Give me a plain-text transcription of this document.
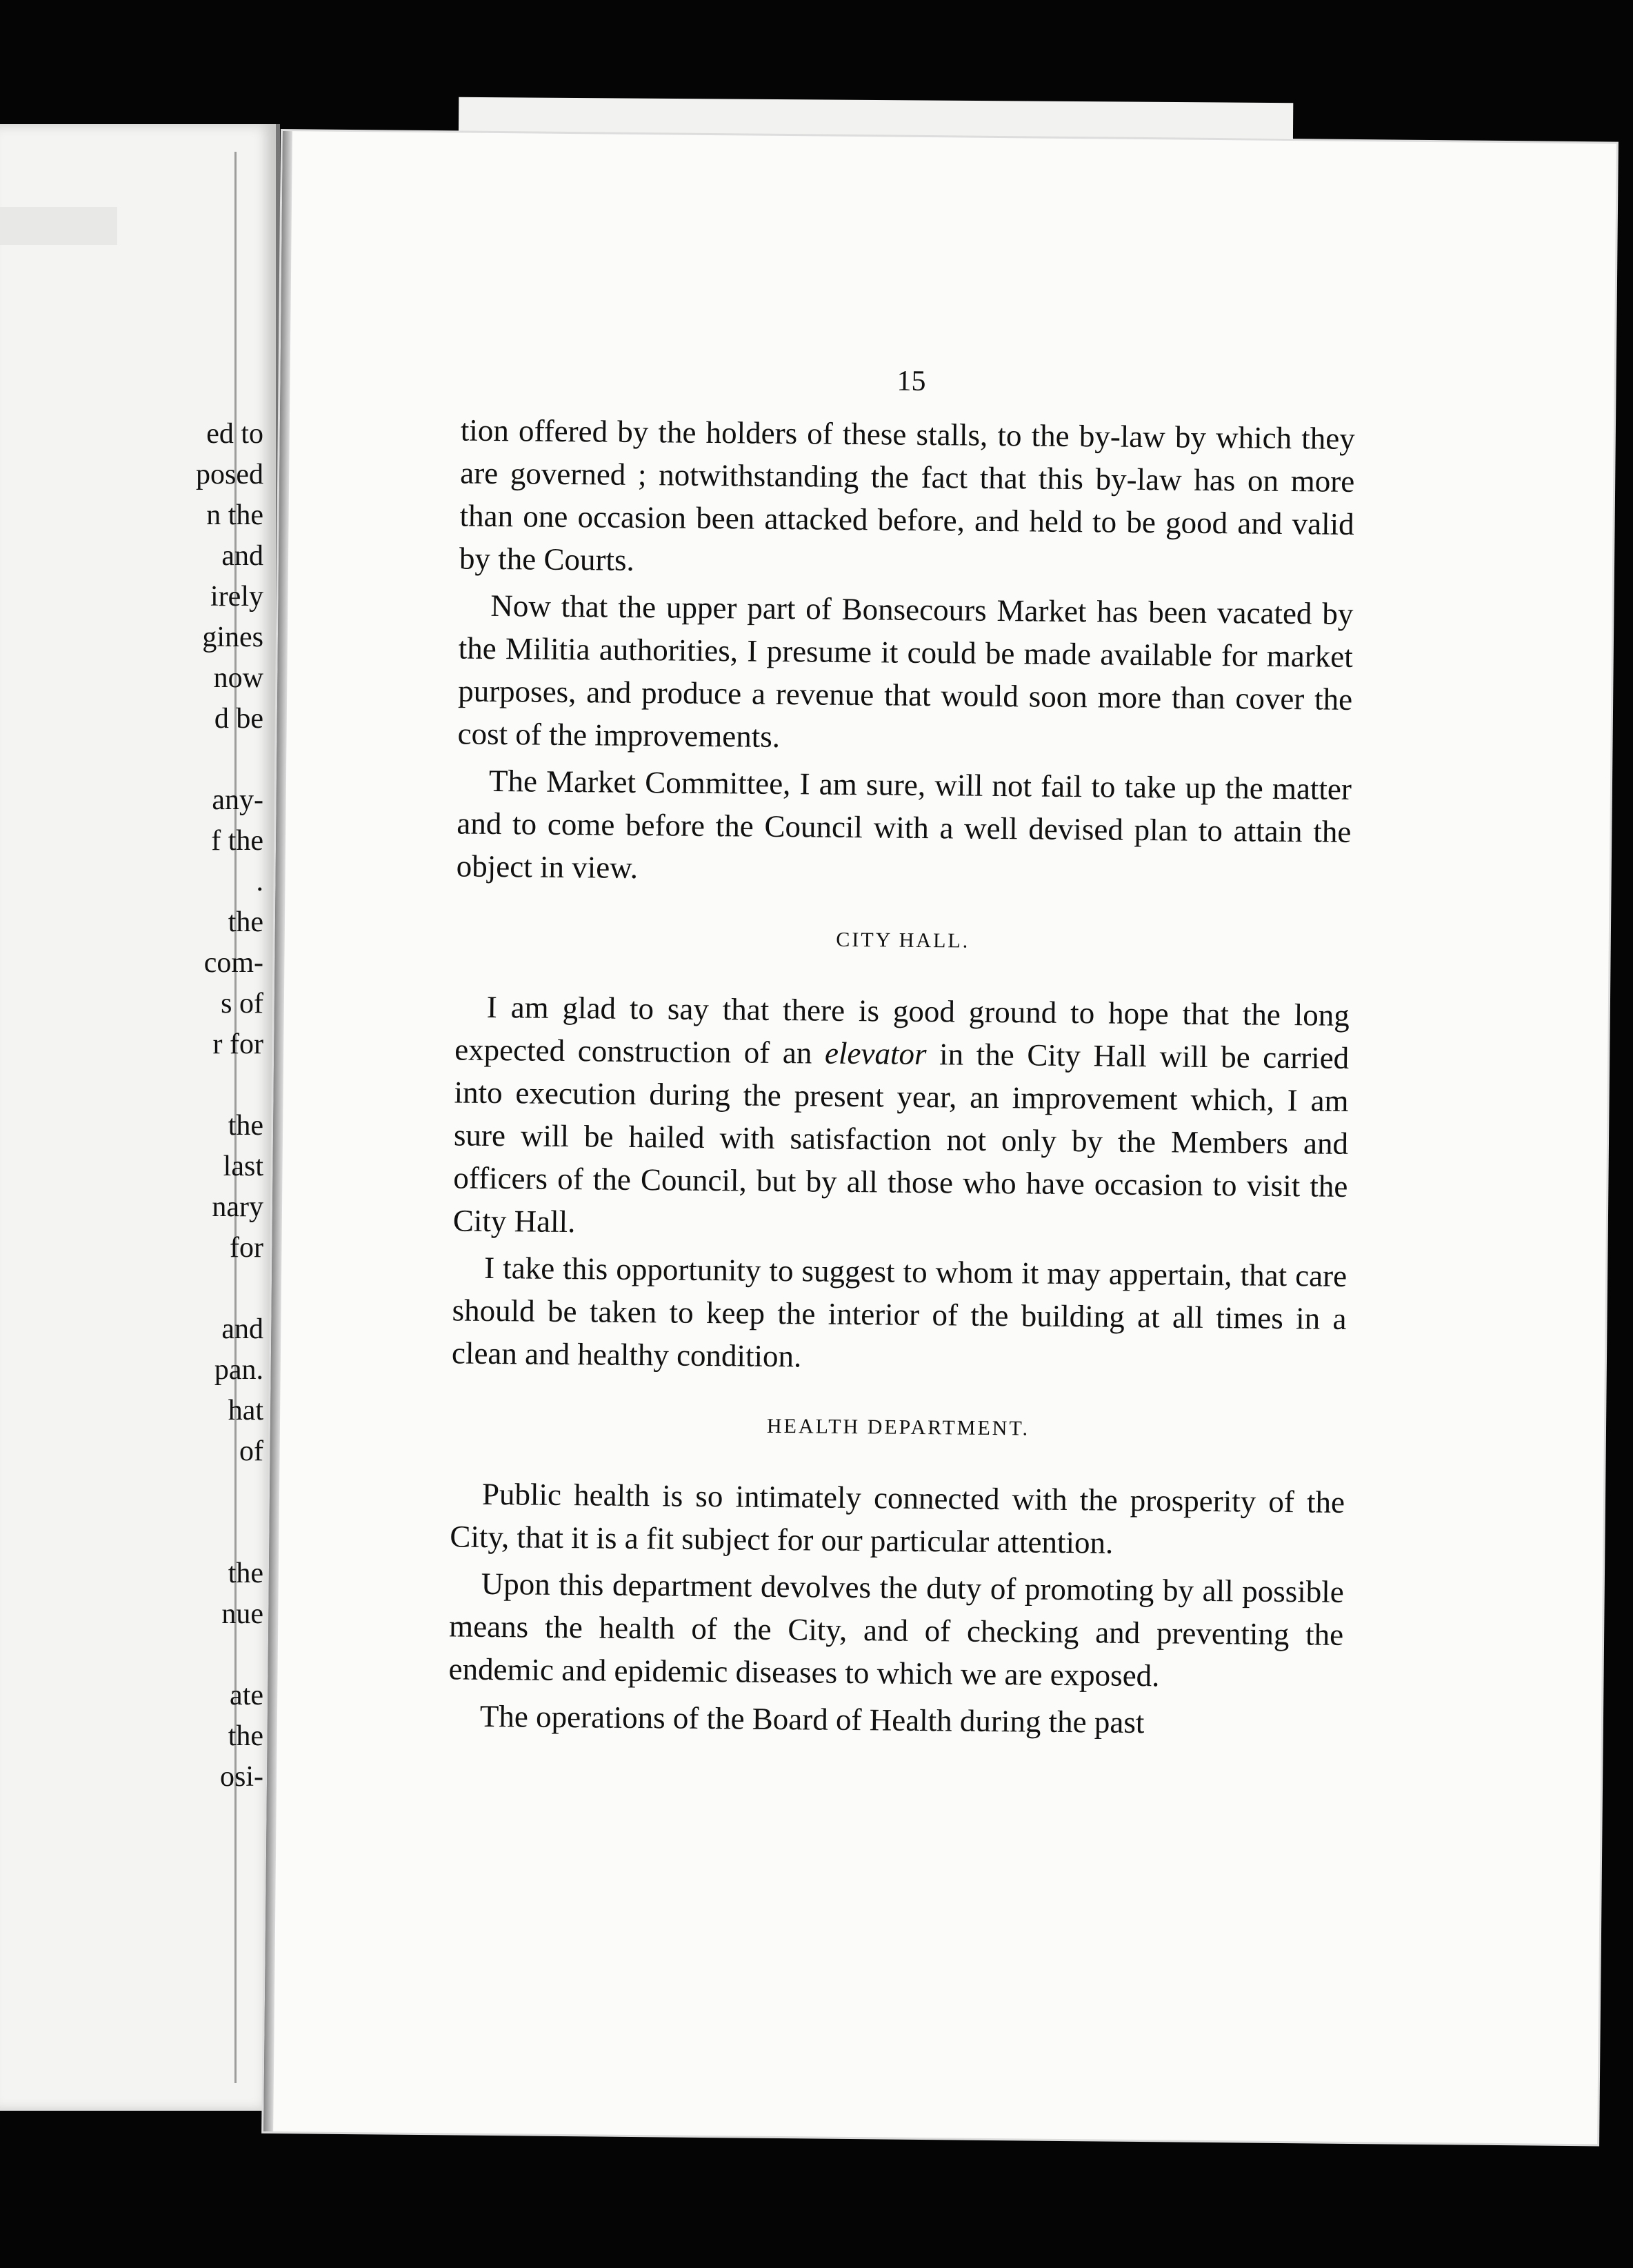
ed to
posed
n the
and
irely
gines
now
d be

any-
f the
.
the
com-
s of
r for

the
last
nary
for

and
pan.
hat
of

the
nue

ate
the
osi-
15

tion offered by the holders of these stalls, to the by-law by which they are governed ; notwithstanding the fact that this by-law has on more than one occasion been attacked before, and held to be good and valid by the Courts.

Now that the upper part of Bonsecours Market has been vacated by the Militia authorities, I presume it could be made available for market purposes, and produce a revenue that would soon more than cover the cost of the improvements.

The Market Committee, I am sure, will not fail to take up the matter and to come before the Council with a well devised plan to attain the object in view.

CITY HALL.

I am glad to say that there is good ground to hope that the long expected construction of an elevator in the City Hall will be carried into execution during the present year, an improvement which, I am sure will be hailed with satisfaction not only by the Members and officers of the Council, but by all those who have occasion to visit the City Hall.

I take this opportunity to suggest to whom it may appertain, that care should be taken to keep the interior of the building at all times in a clean and healthy condition.

HEALTH DEPARTMENT.

Public health is so intimately connected with the prosperity of the City, that it is a fit subject for our particular attention.

Upon this department devolves the duty of promoting by all possible means the health of the City, and of checking and preventing the endemic and epidemic diseases to which we are exposed.

The operations of the Board of Health during the past
